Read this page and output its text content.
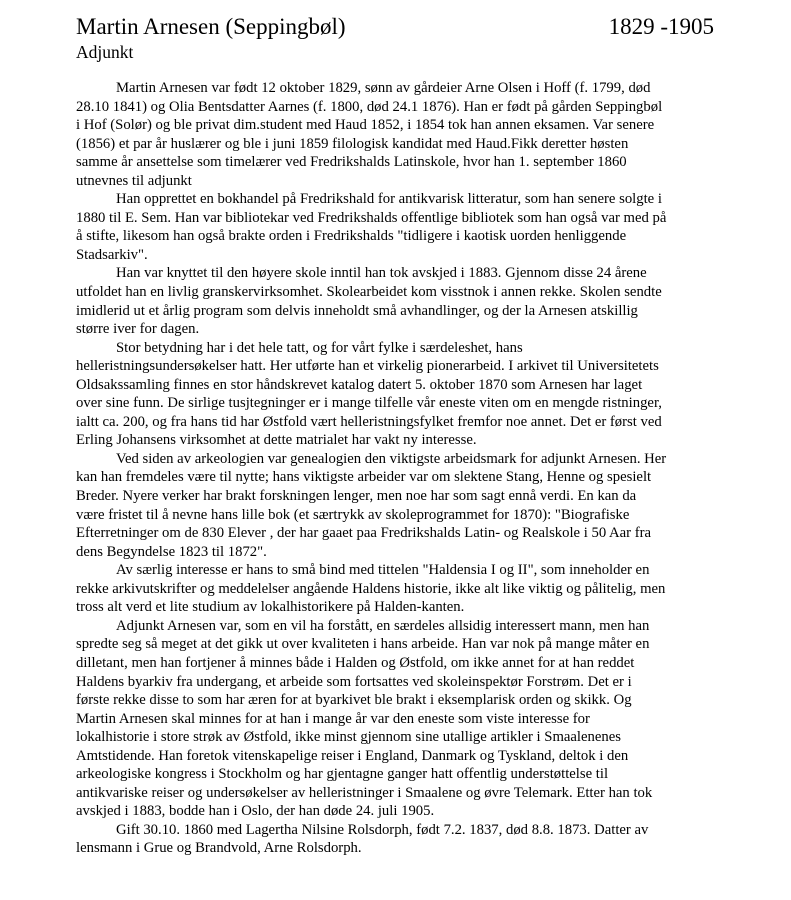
Martin Arnesen (Seppingbøl)	1829 -1905
Adjunkt
Martin Arnesen var født 12 oktober 1829, sønn av gårdeier Arne Olsen i Hoff (f. 1799, død
28.10 1841) og Olia Bentsdatter Aarnes (f. 1800, død 24.1 1876). Han er født på gården Seppingbøl
i Hof (Solør) og ble privat dim.student med Haud 1852, i 1854 tok han annen eksamen. Var senere
(1856) et par år huslærer og ble i juni 1859 filologisk kandidat med Haud.Fikk deretter høsten
samme år ansettelse som timelærer ved Fredrikshalds Latinskole, hvor han 1. september 1860
utnevnes til adjunkt
Han opprettet en bokhandel på Fredrikshald for antikvarisk litteratur, som han senere solgte i
1880 til E. Sem. Han var bibliotekar ved Fredrikshalds offentlige bibliotek som han også var med på
å stifte, likesom han også brakte orden i Fredrikshalds "tidligere i kaotisk uorden henliggende
Stadsarkiv".
Han var knyttet til den høyere skole inntil han tok avskjed i 1883. Gjennom disse 24 årene
utfoldet han en livlig granskervirksomhet. Skolearbeidet kom visstnok i annen rekke. Skolen sendte
imidlerid ut et årlig program som delvis inneholdt små avhandlinger, og der la Arnesen atskillig
større iver for dagen.
Stor betydning har i det hele tatt, og for vårt fylke i særdeleshet, hans
helleristningsundersøkelser hatt. Her utførte han et virkelig pionerarbeid. I arkivet til Universitetets
Oldsakssamling finnes en stor håndskrevet katalog datert 5. oktober 1870 som Arnesen har laget
over sine funn. De sirlige tusjtegninger er i mange tilfelle vår eneste viten om en mengde ristninger,
ialtt ca. 200, og fra hans tid har Østfold vært helleristningsfylket fremfor noe annet. Det er først ved
Erling Johansens virksomhet at dette matrialet har vakt ny interesse.
Ved siden av arkeologien var genealogien den viktigste arbeidsmark for adjunkt Arnesen. Her
kan han fremdeles være til nytte; hans viktigste arbeider var om slektene Stang, Henne og spesielt
Breder. Nyere verker har brakt forskningen lenger, men noe har som sagt ennå verdi. En kan da
være fristet til å nevne hans lille bok (et særtrykk av skoleprogrammet for 1870): "Biografiske
Efterretninger om de 830 Elever , der har gaaet paa Fredrikshalds Latin- og Realskole i 50 Aar fra
dens Begyndelse 1823 til 1872".
Av særlig interesse er hans to små bind med tittelen "Haldensia I og II", som inneholder en
rekke arkivutskrifter og meddelelser angående Haldens historie, ikke alt like viktig og pålitelig, men
tross alt verd et lite studium av lokalhistorikere på Halden-kanten.
Adjunkt Arnesen var, som en vil ha forstått, en særdeles allsidig interessert mann, men han
spredte seg så meget at det gikk ut over kvaliteten i hans arbeide. Han var nok på mange måter en
dilletant, men han fortjener å minnes både i Halden og Østfold, om ikke annet for at han reddet
Haldens byarkiv fra undergang, et arbeide som fortsattes ved skoleinspektør Forstrøm. Det er i
første rekke disse to som har æren for at byarkivet ble brakt i eksemplarisk orden og skikk. Og
Martin Arnesen skal minnes for at han i mange år var den eneste som viste interesse for
lokalhistorie i store strøk av Østfold, ikke minst gjennom sine utallige artikler i Smaalenenes
Amtstidende. Han foretok vitenskapelige reiser i England, Danmark og Tyskland, deltok i den
arkeologiske kongress i Stockholm og har gjentagne ganger hatt offentlig understøttelse til
antikvariske reiser og undersøkelser av helleristninger i Smaalene og øvre Telemark. Etter han tok
avskjed i 1883, bodde han i Oslo, der han døde 24. juli 1905.
Gift 30.10. 1860 med Lagertha Nilsine Rolsdorph, født 7.2. 1837, død 8.8. 1873. Datter av
lensmann i Grue og Brandvold, Arne Rolsdorph.
